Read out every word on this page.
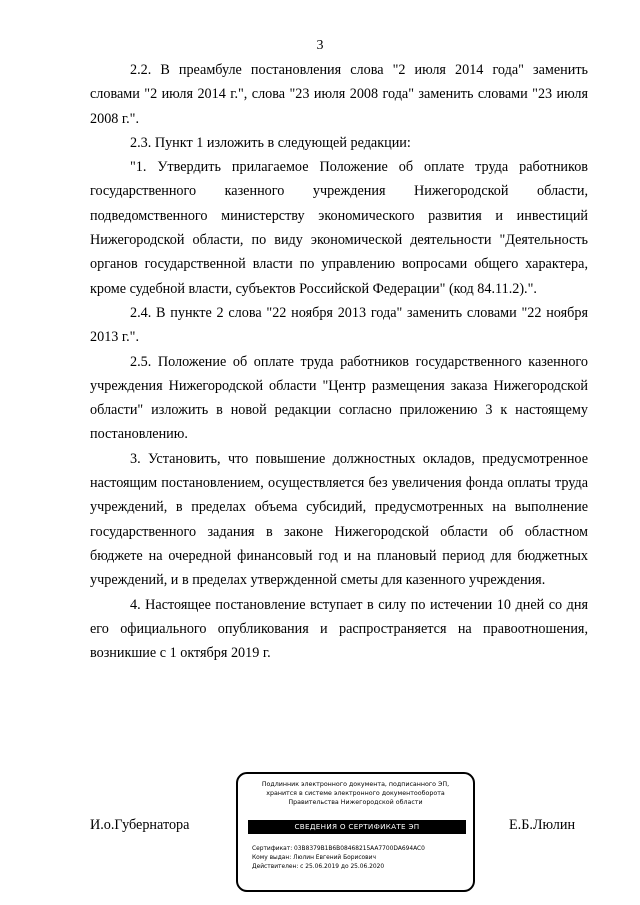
3

2.2. В преамбуле постановления слова "2 июля 2014 года" заменить словами "2 июля 2014 г.", слова "23 июля 2008 года" заменить словами "23 июля 2008 г.".

2.3. Пункт 1 изложить в следующей редакции:

"1. Утвердить прилагаемое Положение об оплате труда работников государственного казенного учреждения Нижегородской области, подведомственного министерству экономического развития и инвестиций Нижегородской области, по виду экономической деятельности "Деятельность органов государственной власти по управлению вопросами общего характера, кроме судебной власти, субъектов Российской Федерации" (код 84.11.2).".

2.4. В пункте 2 слова "22 ноября 2013 года" заменить словами "22 ноября 2013 г.".

2.5. Положение об оплате труда работников государственного казенного учреждения Нижегородской области "Центр размещения заказа Нижегородской области" изложить в новой редакции согласно приложению 3 к настоящему постановлению.

3. Установить, что повышение должностных окладов, предусмотренное настоящим постановлением, осуществляется без увеличения фонда оплаты труда учреждений, в пределах объема субсидий, предусмотренных на выполнение государственного задания в законе Нижегородской области об областном бюджете на очередной финансовый год и на плановый период для бюджетных учреждений, и в пределах утвержденной сметы для казенного учреждения.

4. Настоящее постановление вступает в силу по истечении 10 дней со дня его официального опубликования и распространяется на правоотношения, возникшие с 1 октября 2019 г.

И.о.Губернатора
Подлинник электронного документа, подписанного ЭП,
хранится в системе электронного документооборота
Правительства Нижегородской области
СВЕДЕНИЯ О СЕРТИФИКАТЕ ЭП
Сертификат: 03B8379B1B6B08468215AA7700DA694AC0
Кому выдан: Люлин Евгений Борисович
Действителен: с 25.06.2019 до 25.06.2020
Е.Б.Люлин
